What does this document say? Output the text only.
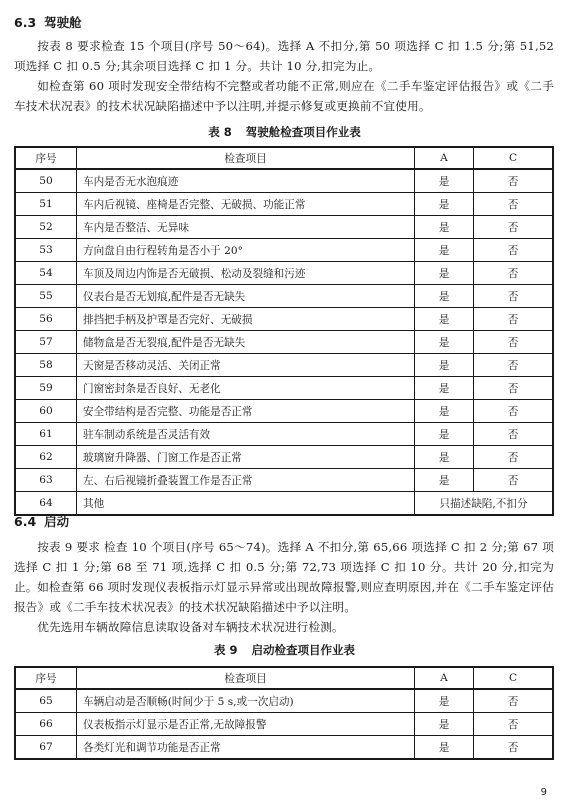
6.3 驾驶舱
按表 8 要求检查 15 个项目(序号 50～64)。选择 A 不扣分,第 50 项选择 C 扣 1.5 分;第 51,52 项选择 C 扣 0.5 分;其余项目选择 C 扣 1 分。共计 10 分,扣完为止。
如检查第 60 项时发现安全带结构不完整或者功能不正常,则应在《二手车鉴定评估报告》或《二手车技术状况表》的技术状况缺陷描述中予以注明,并提示修复或更换前不宜使用。
表 8 驾驶舱检查项目作业表
序号	检查项目	A	C
50	车内是否无水泡痕迹	是	否
51	车内后视镜、座椅是否完整、无破损、功能正常	是	否
52	车内是否整洁、无异味	是	否
53	方向盘自由行程转角是否小于 20°	是	否
54	车顶及周边内饰是否无破损、松动及裂缝和污迹	是	否
55	仪表台是否无划痕,配件是否无缺失	是	否
56	排挡把手柄及护罩是否完好、无破损	是	否
57	储物盒是否无裂痕,配件是否无缺失	是	否
58	天窗是否移动灵活、关闭正常	是	否
59	门窗密封条是否良好、无老化	是	否
60	安全带结构是否完整、功能是否正常	是	否
61	驻车制动系统是否灵活有效	是	否
62	玻璃窗升降器、门窗工作是否正常	是	否
63	左、右后视镜折叠装置工作是否正常	是	否
64	其他	只描述缺陷,不扣分	
6.4 启动
按表 9 要求 检查 10 个项目(序号 65～74)。选择 A 不扣分,第 65,66 项选择 C 扣 2 分;第 67 项选择 C 扣 1 分;第 68 至 71 项,选择 C 扣 0.5 分;第 72,73 项选择 C 扣 10 分。共计 20 分,扣完为止。 如检查第 66 项时发现仪表板指示灯显示异常或出现故障报警,则应查明原因,并在《二手车鉴定评估报告》或《二手车技术状况表》的技术状况缺陷描述中予以注明。
优先选用车辆故障信息读取设备对车辆技术状况进行检测。
表 9 启动检查项目作业表
序号	检查项目	A	C
65	车辆启动是否顺畅(时间少于 5 s,或一次启动)	是	否
66	仪表板指示灯显示是否正常,无故障报警	是	否
67	各类灯光和调节功能是否正常	是	否
9
